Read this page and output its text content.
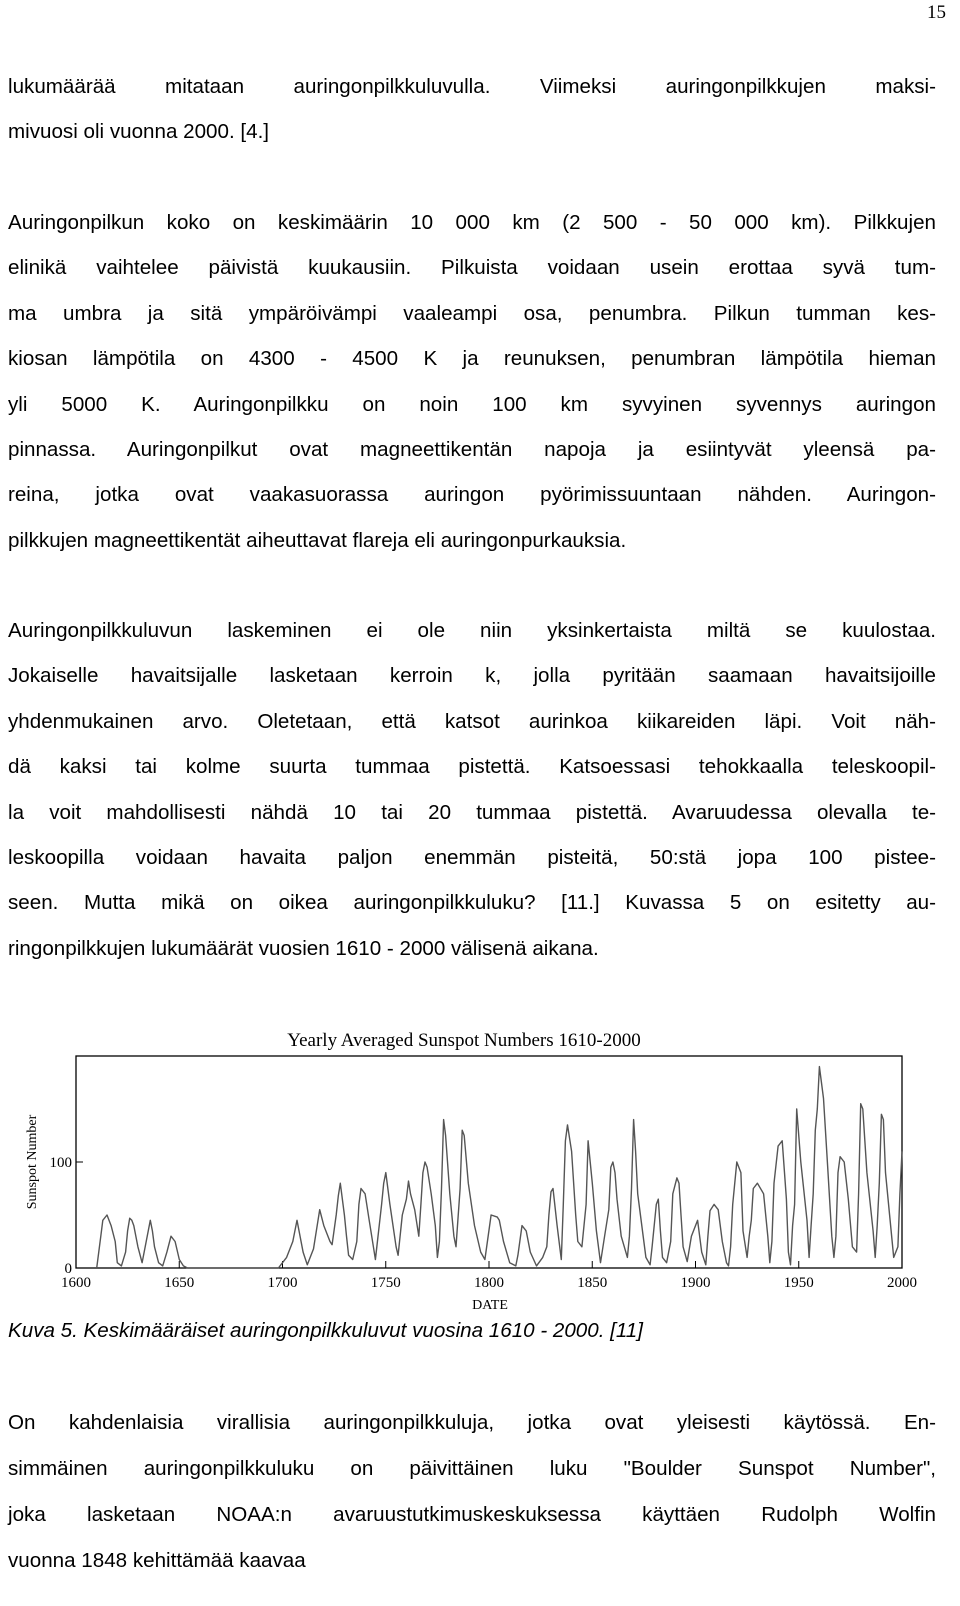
15

lukumäärää mitataan auringonpilkkuluvulla. Viimeksi auringonpilkkujen maksi-
mivuosi oli vuonna 2000. [4.]

Auringonpilkun koko on keskimäärin 10 000 km (2 500 - 50 000 km). Pilkkujen
elinikä vaihtelee päivistä kuukausiin. Pilkuista voidaan usein erottaa syvä tum-
ma umbra ja sitä ympäröivämpi vaaleampi osa, penumbra. Pilkun tumman kes-
kiosan lämpötila on 4300 - 4500 K ja reunuksen, penumbran lämpötila hieman
yli 5000 K. Auringonpilkku on noin 100 km syvyinen syvennys auringon
pinnassa. Auringonpilkut ovat magneettikentän napoja ja esiintyvät yleensä pa-
reina, jotka ovat vaakasuorassa auringon pyörimissuuntaan nähden. Auringon-
pilkkujen magneettikentät aiheuttavat flareja eli auringonpurkauksia.

Auringonpilkkuluvun laskeminen ei ole niin yksinkertaista miltä se kuulostaa.
Jokaiselle havaitsijalle lasketaan kerroin k, jolla pyritään saamaan havaitsijoille
yhdenmukainen arvo. Oletetaan, että katsot aurinkoa kiikareiden läpi. Voit näh-
dä kaksi tai kolme suurta tummaa pistettä. Katsoessasi tehokkaalla teleskoopil-
la voit mahdollisesti nähdä 10 tai 20 tummaa pistettä. Avaruudessa olevalla te-
leskoopilla voidaan havaita paljon enemmän pisteitä, 50:stä jopa 100 pistee-
seen. Mutta mikä on oikea auringonpilkkuluku? [11.] Kuvassa 5 on esitetty au-
ringonpilkkujen lukumäärät vuosien 1610 - 2000 välisenä aikana.

Yearly Averaged Sunspot Numbers 1610-2000
Sunspot Number
DATE
1600	1650	1700	1750	1800	1850	1900	1950	2000
0
100

Kuva 5. Keskimääräiset auringonpilkkuluvut vuosina 1610 - 2000. [11]

On kahdenlaisia virallisia auringonpilkkuluja, jotka ovat yleisesti käytössä. En-
simmäinen auringonpilkkuluku on päivittäinen luku "Boulder Sunspot Number",
joka lasketaan NOAA:n avaruustutkimuskeskuksessa käyttäen Rudolph Wolfin
vuonna 1848 kehittämää kaavaa
